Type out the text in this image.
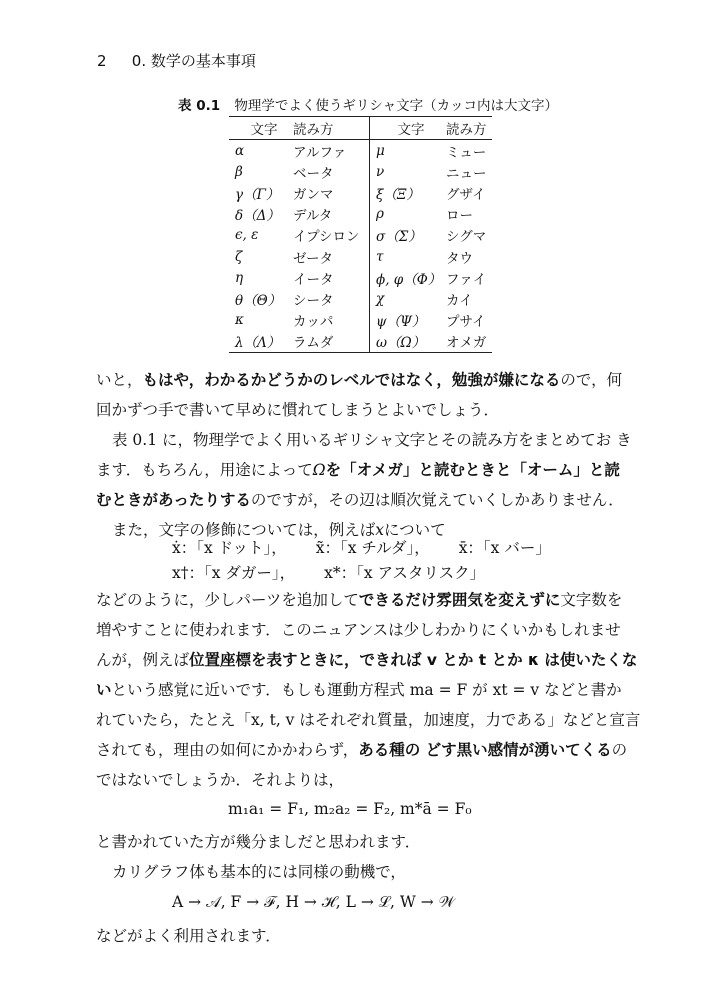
2 0. 数学の基本事項
表 0.1 物理学でよく使うギリシャ文字（カッコ内は大文字）
文字	読み方	文字	読み方
α	アルファ	μ	ミュー
β	ベータ	ν	ニュー
γ（Γ）	ガンマ	ξ（Ξ）	グザイ
δ（Δ）	デルタ	ρ	ロー
ϵ, ε	イプシロン	σ（Σ）	シグマ
ζ	ゼータ	τ	タウ
η	イータ	ϕ, φ（Φ）	ファイ
θ（Θ）	シータ	χ	カイ
κ	カッパ	ψ（Ψ）	プサイ
λ（Λ）	ラムダ	ω（Ω）	オメガ
いと，もはや，わかるかどうかのレベルではなく，勉強が嫌になるので，何
回かずつ手で書いて早めに慣れてしまうとよいでしょう．
表 0.1 に，物理学でよく用いるギリシャ文字とその読み方をまとめてお き
ます．もちろん，用途によってΩを「オメガ」と読むときと「オーム」と読
むときがあったりするのですが，その辺は順次覚えていくしかありません．
また，文字の修飾については，例えばxについて
ẋ：「x ドット」， x̃：「x チルダ」， x̄：「x バー」
x†：「x ダガー」， x*：「x アスタリスク」
などのように，少しパーツを追加してできるだけ雰囲気を変えずに文字数を
増やすことに使われます．このニュアンスは少しわかりにくいかもしれませ
んが，例えば位置座標を表すときに，できれば v とか t とか κ は使いたくな
いという感覚に近いです．もしも運動方程式 ma = F が xt = v などと書か
れていたら，たとえ「x, t, v はそれぞれ質量，加速度，力である」などと宣言
されても，理由の如何にかかわらず，ある種の どす黒い感情が湧いてくるの
ではないでしょうか．それよりは，
m₁a₁ = F₁, m₂a₂ = F₂, m*ā = F₀
と書かれていた方が幾分ましだと思われます．
カリグラフ体も基本的には同様の動機で，
A → 𝒜, F → ℱ, H → ℋ, L → ℒ, W → 𝒲
などがよく利用されます．
